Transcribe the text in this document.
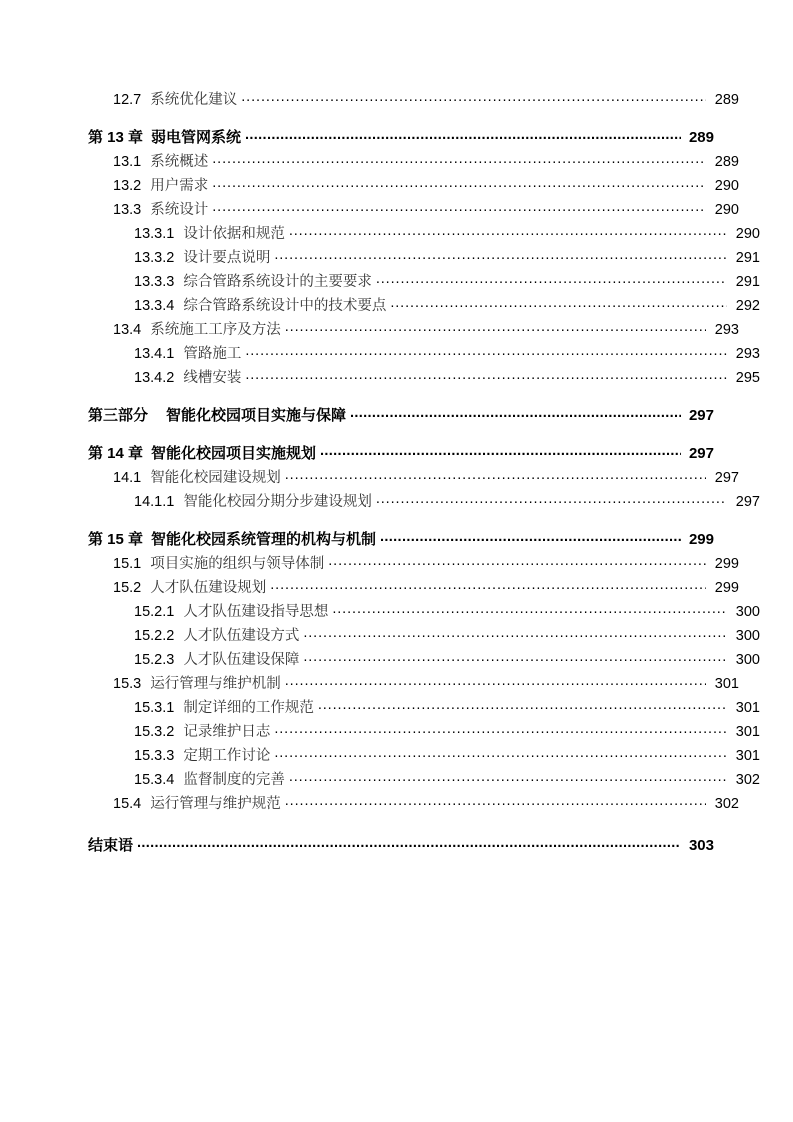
12.7 系统优化建议 .....	289
第 13 章 弱电管网系统 .....	289
13.1 系统概述 .....	289
13.2 用户需求 .....	290
13.3 系统设计 .....	290
13.3.1 设计依据和规范 .....	290
13.3.2 设计要点说明 .....	291
13.3.3 综合管路系统设计的主要要求 .....	291
13.3.4 综合管路系统设计中的技术要点 .....	292
13.4 系统施工工序及方法 .....	293
13.4.1 管路施工 .....	293
13.4.2 线槽安装 .....	295
第三部分	智能化校园项目实施与保障 .....	297
第 14 章 智能化校园项目实施规划 .....	297
14.1 智能化校园建设规划 .....	297
14.1.1 智能化校园分期分步建设规划 .....	297
第 15 章 智能化校园系统管理的机构与机制 .....	299
15.1 项目实施的组织与领导体制 .....	299
15.2 人才队伍建设规划 .....	299
15.2.1 人才队伍建设指导思想 .....	300
15.2.2 人才队伍建设方式 .....	300
15.2.3 人才队伍建设保障 .....	300
15.3 运行管理与维护机制 .....	301
15.3.1 制定详细的工作规范 .....	301
15.3.2 记录维护日志 .....	301
15.3.3 定期工作讨论 .....	301
15.3.4 监督制度的完善 .....	302
15.4 运行管理与维护规范 .....	302
结束语 .....	303
